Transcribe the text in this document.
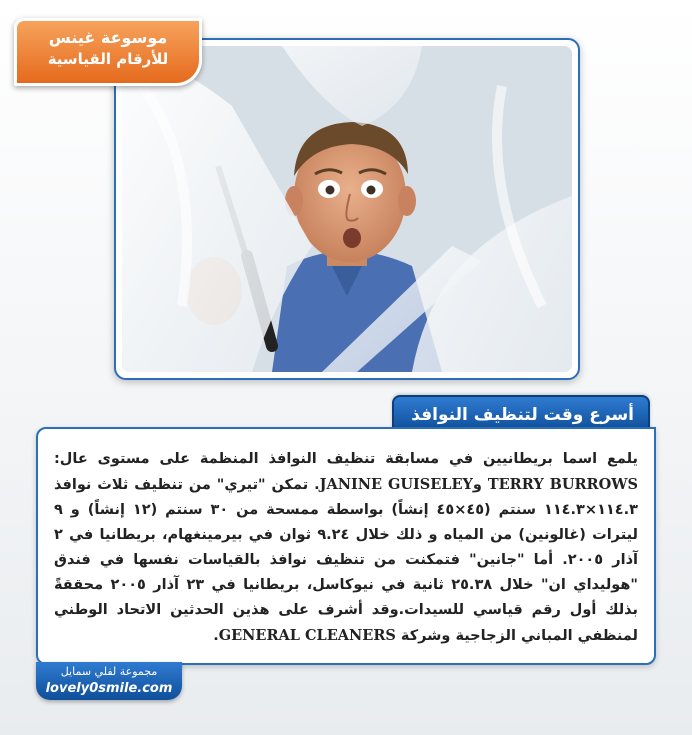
موسوعة غينس
للأرقام القياسية
أسرع وقت لتنظيف النوافذ
يلمع اسما بريطانيين في مسابقة تنظيف النوافذ المنظمة على مستوى عال: TERRY BURROWS وJANINE GUISELEY. تمكن "تيري" من تنظيف ثلاث نوافذ ١١٤.٣×١١٤.٣ سنتم (٤٥×٤٥ إنشاً) بواسطة ممسحة من ٣٠ سنتم (١٢ إنشاً) و ٩ ليترات (غالونين) من المياه و ذلك خلال ٩.٢٤ ثوان في بيرمينغهام، بريطانيا في ٢ آذار ٢٠٠٥. أما "جانين" فتمكنت من تنظيف نوافذ بالقياسات نفسها في فندق "هوليداي ان" خلال ٢٥.٣٨ ثانية في نيوكاسل، بريطانيا في ٢٣ آذار ٢٠٠٥ محققةً بذلك أول رقم قياسي للسيدات.وقد أشرف على هذين الحدثين الاتحاد الوطني لمنظفي المباني الزجاجية وشركة GENERAL CLEANERS.
مجموعة لفلي سمايل
lovely0smile.com
